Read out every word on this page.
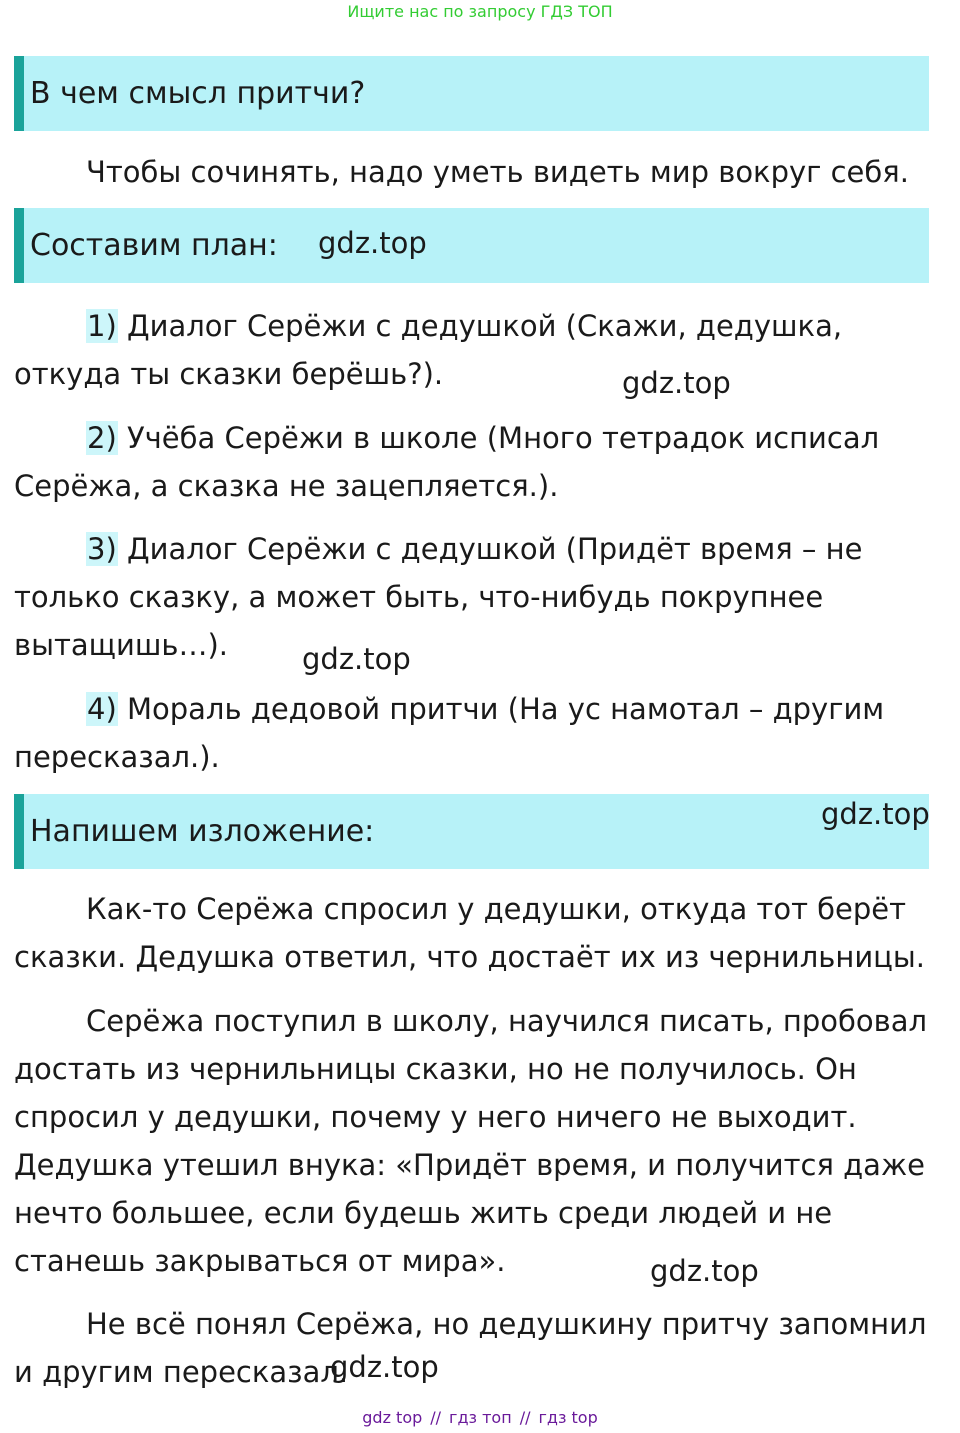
Ищите нас по запросу ГДЗ ТОП
В чем смысл притчи?
Чтобы сочинять, надо уметь видеть мир вокруг себя.
Составим план: gdz.top
1) Диалог Серёжи с дедушкой (Скажи, дедушка, откуда ты сказки берёшь?).	gdz.top
2) Учёба Серёжи в школе (Много тетрадок исписал Серёжа, а сказка не зацепляется.).
3) Диалог Серёжи с дедушкой (Придёт время – не только сказку, а может быть, что-нибудь покрупнее вытащишь…).	gdz.top
4) Мораль дедовой притчи (На ус намотал – другим пересказал.).
Напишем изложение:	gdz.top
Как-то Серёжа спросил у дедушки, откуда тот берёт сказки. Дедушка ответил, что достаёт их из чернильницы.
Серёжа поступил в школу, научился писать, пробовал достать из чернильницы сказки, но не получилось. Он спросил у дедушки, почему у него ничего не выходит. Дедушка утешил внука: «Придёт время, и получится даже нечто большее, если будешь жить среди людей и не станешь закрываться от мира».	gdz.top
Не всё понял Серёжа, но дедушкину притчу запомнил и другим пересказал.
gdz.top
gdz top // гдз топ // гдз top
